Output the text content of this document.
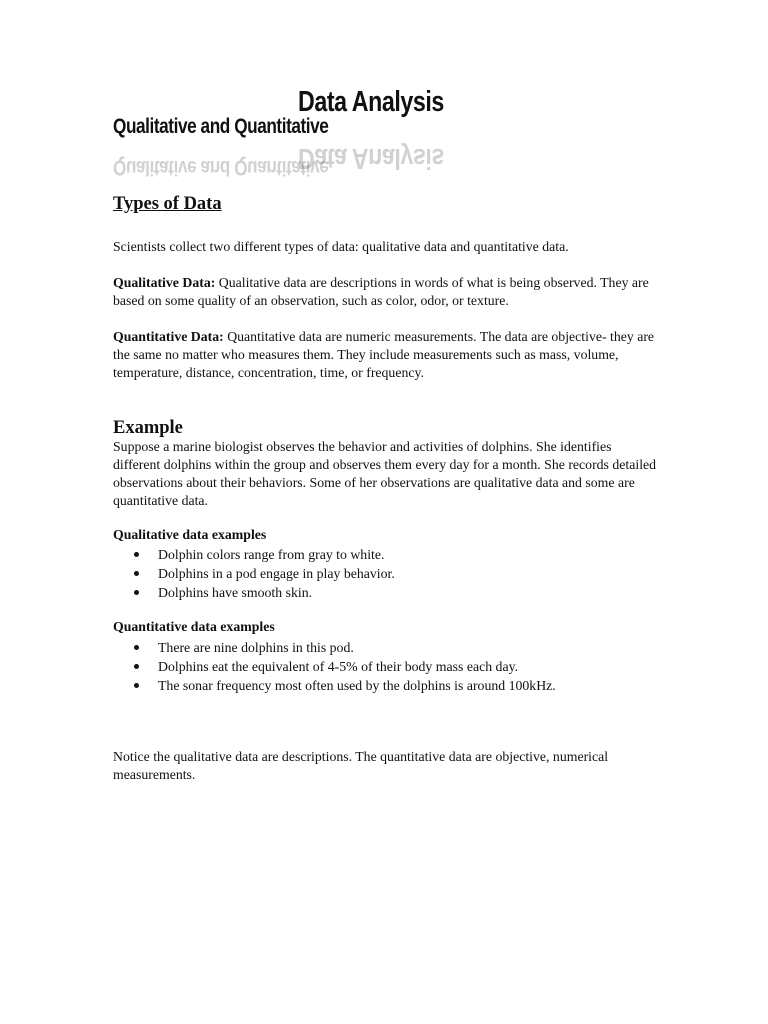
Data Analysis
Data Analysis
Qualitative and Quantitative
Qualitative and Quantitative
Types of Data

Scientists collect two different types of data: qualitative data and quantitative data.

Qualitative Data: Qualitative data are descriptions in words of what is being observed. They are based on some quality of an observation, such as color, odor, or texture.

Quantitative Data: Quantitative data are numeric measurements. The data are objective- they are the same no matter who measures them. They include measurements such as mass, volume, temperature, distance, concentration, time, or frequency.

Example

Suppose a marine biologist observes the behavior and activities of dolphins. She identifies different dolphins within the group and observes them every day for a month. She records detailed observations about their behaviors. Some of her observations are qualitative data and some are quantitative data.

Qualitative data examples
Dolphin colors range from gray to white.
Dolphins in a pod engage in play behavior.
Dolphins have smooth skin.
Quantitative data examples
There are nine dolphins in this pod.
Dolphins eat the equivalent of 4-5% of their body mass each day.
The sonar frequency most often used by the dolphins is around 100kHz.

Notice the qualitative data are descriptions. The quantitative data are objective, numerical measurements.
